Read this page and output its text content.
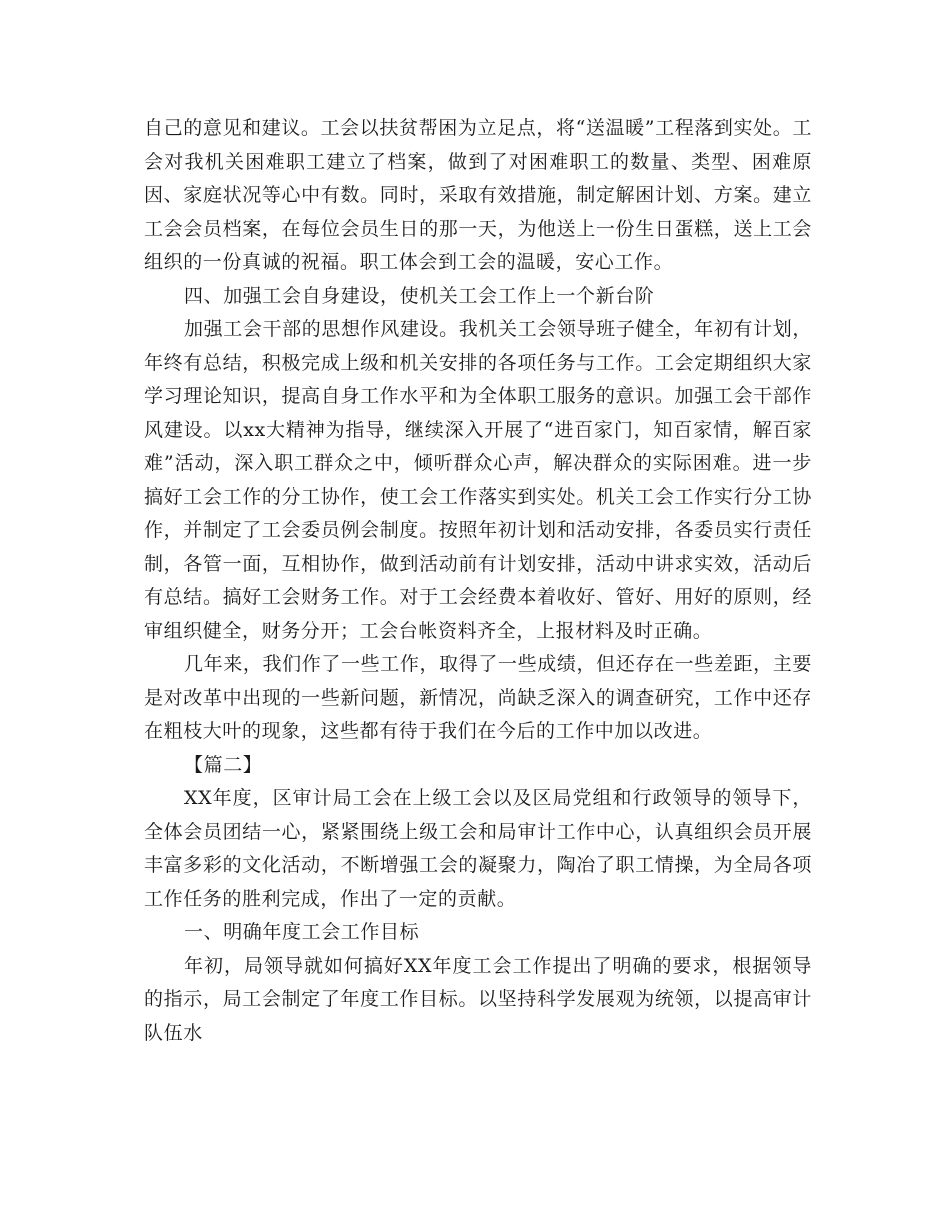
自己的意见和建议。工会以扶贫帮困为立足点，将“送温暖”工程落到实处。工会对我机关困难职工建立了档案，做到了对困难职工的数量、类型、困难原因、家庭状况等心中有数。同时，采取有效措施，制定解困计划、方案。建立工会会员档案，在每位会员生日的那一天，为他送上一份生日蛋糕，送上工会组织的一份真诚的祝福。职工体会到工会的温暖，安心工作。

四、加强工会自身建设，使机关工会工作上一个新台阶

加强工会干部的思想作风建设。我机关工会领导班子健全，年初有计划，年终有总结，积极完成上级和机关安排的各项任务与工作。工会定期组织大家学习理论知识，提高自身工作水平和为全体职工服务的意识。加强工会干部作风建设。以xx大精神为指导，继续深入开展了“进百家门，知百家情，解百家难”活动，深入职工群众之中，倾听群众心声，解决群众的实际困难。进一步搞好工会工作的分工协作，使工会工作落实到实处。机关工会工作实行分工协作，并制定了工会委员例会制度。按照年初计划和活动安排，各委员实行责任制，各管一面，互相协作，做到活动前有计划安排，活动中讲求实效，活动后有总结。搞好工会财务工作。对于工会经费本着收好、管好、用好的原则，经审组织健全，财务分开；工会台帐资料齐全，上报材料及时正确。

几年来，我们作了一些工作，取得了一些成绩，但还存在一些差距，主要是对改革中出现的一些新问题，新情况，尚缺乏深入的调查研究，工作中还存在粗枝大叶的现象，这些都有待于我们在今后的工作中加以改进。

【篇二】

XX年度，区审计局工会在上级工会以及区局党组和行政领导的领导下，全体会员团结一心，紧紧围绕上级工会和局审计工作中心，认真组织会员开展丰富多彩的文化活动，不断增强工会的凝聚力，陶冶了职工情操，为全局各项工作任务的胜利完成，作出了一定的贡献。

一、明确年度工会工作目标

年初，局领导就如何搞好XX年度工会工作提出了明确的要求，根据领导的指示，局工会制定了年度工作目标。以坚持科学发展观为统领，以提高审计队伍水
